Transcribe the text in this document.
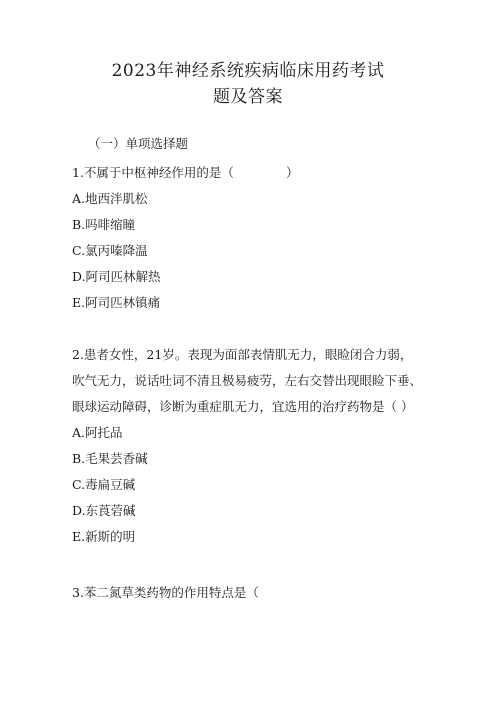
2023年神经系统疾病临床用药考试
题及答案
（一）单项选择题
1.不属于中枢神经作用的是（	）
A.地西泮肌松
B.吗啡缩瞳
C.氯丙嗪降温
D.阿司匹林解热
E.阿司匹林镇痛
2.患者女性，21岁。表现为面部表情肌无力，眼睑闭合力弱，
吹气无力，说话吐词不清且极易疲劳，左右交替出现眼睑下垂、
眼球运动障碍，诊断为重症肌无力，宜选用的治疗药物是（ ）
A.阿托品
B.毛果芸香碱
C.毒扁豆碱
D.东莨菪碱
E.新斯的明
3.苯二氮草类药物的作用特点是（
